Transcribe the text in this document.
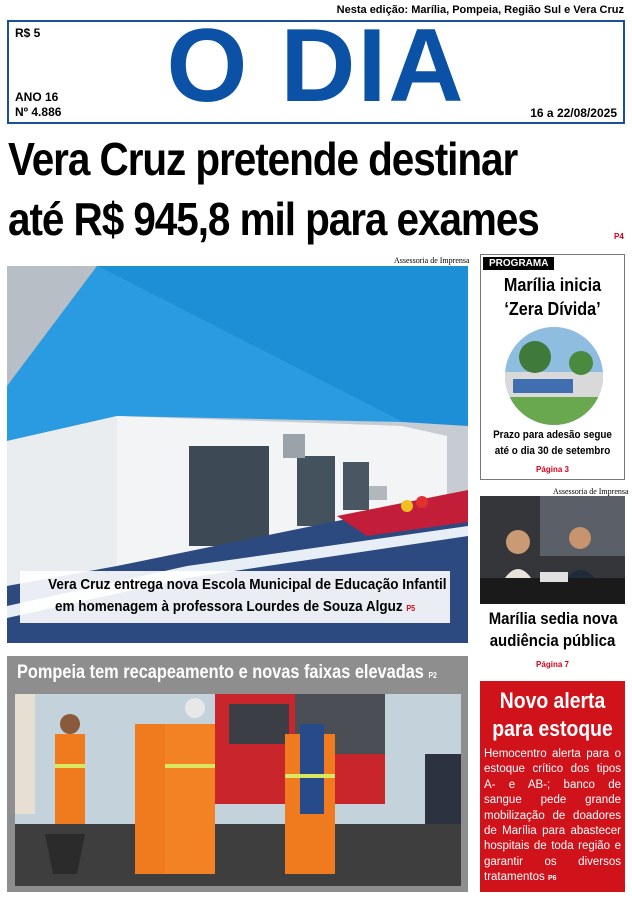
Nesta edição: Marília, Pompeia, Região Sul e Vera Cruz
R$ 5	O DIA
ANO 16
Nº 4.886	16 a 22/08/2025
Vera Cruz pretende destinar
até R$ 945,8 mil para exames	P4
Assessoria de Imprensa
Vera Cruz entrega nova Escola Municipal de Educação Infantil
em homenagem à professora Lourdes de Souza Alguz P5
PROGRAMA
Marília inicia
‘Zera Dívida’
Prazo para adesão segue
até o dia 30 de setembro
Página 3
Assessoria de Imprensa
Marília sedia nova
audiência pública
Página 7
Pompeia tem recapeamento e novas faixas elevadas P2
Novo alerta
para estoque
Hemocentro alerta para o estoque crítico dos tipos A- e AB-; banco de sangue pede grande mobilização de doadores de Marília para abastecer hospitais de toda região e garantir os diversos tratamentos P6
